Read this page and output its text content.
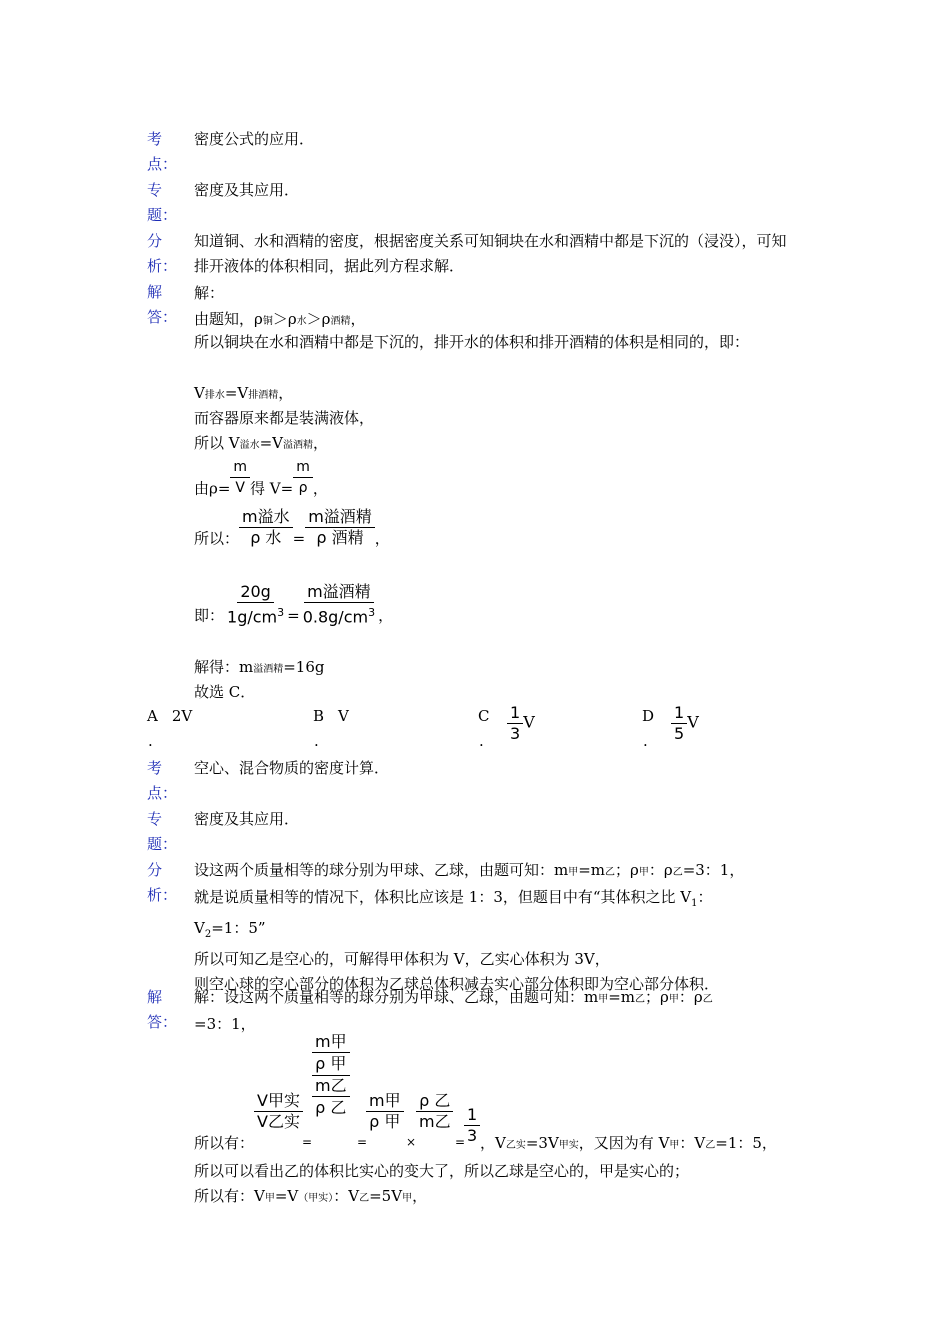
考
点：
密度公式的应用．
专
题：
密度及其应用．
分
析：
知道铜、水和酒精的密度，根据密度关系可知铜块在水和酒精中都是下沉的（浸没），可知排开液体的体积相同，据此列方程求解．
解
答：
解：
由题知，ρ铜＞ρ水＞ρ酒精，
所以铜块在水和酒精中都是下沉的，排开水的体积和排开酒精的体积是相同的，即：
V排水=V排酒精，
而容器原来都是装满液体，
所以 V溢水=V溢酒精，
由$\rho= \frac{m}{V}$ 得 $V= \frac{m}{\rho}$ ，
所以： $\frac{\text{m溢水}}{\text{ρ 水}} = \frac{\text{m溢酒精}}{\text{ρ 酒精}}$ ，
即： $\frac{20g}{1g/cm^3} = \frac{\text{m溢酒精}}{0.8g/cm^3}$ ，
解得：m溢酒精=16g
故选 C．
A 2V
.
B V
.
C $\frac{1}{3}$ V
.
D $\frac{1}{5}$ V
.
考
点：
空心、混合物质的密度计算．
专
题：
密度及其应用．
分
析：
设这两个质量相等的球分别为甲球、乙球，由题可知：m甲=m乙；ρ甲：ρ乙=3：1，
就是说质量相等的情况下，体积比应该是 1：3，但题目中有“其体积之比 $V_1$：
$V_2=1$：5”
所以可知乙是空心的，可解得甲体积为 V，乙实心体积为 3V，
则空心球的空心部分的体积为乙球总体积减去实心部分体积即为空心部分体积．
解
答：
解：设这两个质量相等的球分别为甲球、乙球，由题可知：m甲=m乙；ρ甲：ρ乙
=3：1，
所以有：
V甲实
V乙实
=
m甲
ρ 甲
m乙
ρ 乙
=
m甲
ρ 甲
×
ρ 乙
m乙
=
$\frac{1}{3}$ ，V乙实=3V甲实，又因为有 V甲：V乙=1：5，
所以可以看出乙的体积比实心的变大了，所以乙球是空心的，甲是实心的；
所以有：V甲=V（甲实）：V乙=5V甲，
